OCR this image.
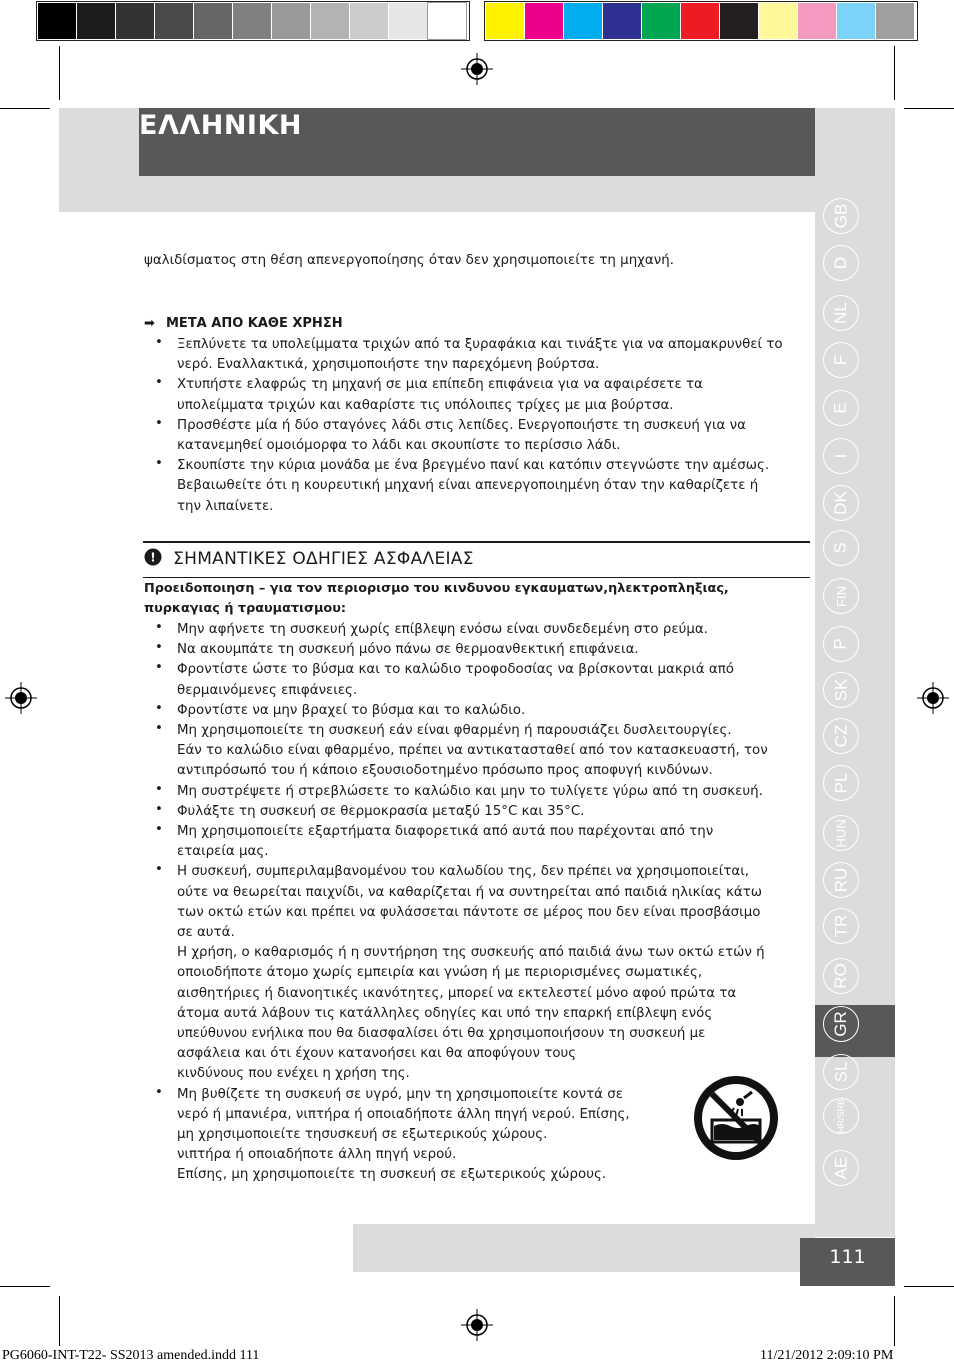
ΕΛΛΗΝΙΚΗ
111
GB
D
NL
F
E
I
DK
S
FIN
P
SK
CZ
PL
HUN
RU
TR
RO
GR
SL
HR/SRB
AE
ψαλιδίσματος στη θέση απενεργοποίησης όταν δεν χρησιμοποιείτε τη μηχανή.
➡ ΜΕΤΑ ΑΠΟ ΚΑΘΕ ΧΡΗΣΗ
• Ξεπλύνετε τα υπολείμματα τριχών από τα ξυραφάκια και τινάξτε για να απομακρυνθεί το
νερό. Εναλλακτικά, χρησιμοποιήστε την παρεχόμενη βούρτσα.
• Χτυπήστε ελαφρώς τη μηχανή σε μια επίπεδη επιφάνεια για να αφαιρέσετε τα
υπολείμματα τριχών και καθαρίστε τις υπόλοιπες τρίχες με μια βούρτσα.
• Προσθέστε μία ή δύο σταγόνες λάδι στις λεπίδες. Ενεργοποιήστε τη συσκευή για να
κατανεμηθεί ομοιόμορφα το λάδι και σκουπίστε το περίσσιο λάδι.
• Σκουπίστε την κύρια μονάδα με ένα βρεγμένο πανί και κατόπιν στεγνώστε την αμέσως.
Βεβαιωθείτε ότι η κουρευτική μηχανή είναι απενεργοποιημένη όταν την καθαρίζετε ή
την λιπαίνετε.
! ΣΗΜΑΝΤΙΚΕΣ ΟΔΗΓΙΕΣ ΑΣΦΑΛΕΙΑΣ
Προειδοποιηση – για τον περιορισμο του κινδυνου εγκαυματων,ηλεκτροπληξιας,
πυρκαγιας ή τραυματισμου:
• Μην αφήνετε τη συσκευή χωρίς επίβλεψη ενόσω είναι συνδεδεμένη στο ρεύμα.
• Να ακουμπάτε τη συσκευή μόνο πάνω σε θερμοανθεκτική επιφάνεια.
• Φροντίστε ώστε το βύσμα και το καλώδιο τροφοδοσίας να βρίσκονται μακριά από
θερμαινόμενες επιφάνειες.
• Φροντίστε να μην βραχεί το βύσμα και το καλώδιο.
• Μη χρησιμοποιείτε τη συσκευή εάν είναι φθαρμένη ή παρουσιάζει δυσλειτουργίες.
Εάν το καλώδιο είναι φθαρμένο, πρέπει να αντικατασταθεί από τον κατασκευαστή, τον
αντιπρόσωπό του ή κάποιο εξουσιοδοτημένο πρόσωπο προς αποφυγή κινδύνων.
• Μη συστρέψετε ή στρεβλώσετε το καλώδιο και μην το τυλίγετε γύρω από τη συσκευή.
• Φυλάξτε τη συσκευή σε θερμοκρασία μεταξύ 15°C και 35°C.
• Μη χρησιμοποιείτε εξαρτήματα διαφορετικά από αυτά που παρέχονται από την
εταιρεία μας.
• Η συσκευή, συμπεριλαμβανομένου του καλωδίου της, δεν πρέπει να χρησιμοποιείται,
ούτε να θεωρείται παιχνίδι, να καθαρίζεται ή να συντηρείται από παιδιά ηλικίας κάτω
των οκτώ ετών και πρέπει να φυλάσσεται πάντοτε σε μέρος που δεν είναι προσβάσιμο
σε αυτά.
Η χρήση, ο καθαρισμός ή η συντήρηση της συσκευής από παιδιά άνω των οκτώ ετών ή
οποιοδήποτε άτομο χωρίς εμπειρία και γνώση ή με περιορισμένες σωματικές,
αισθητήριες ή διανοητικές ικανότητες, μπορεί να εκτελεστεί μόνο αφού πρώτα τα
άτομα αυτά λάβουν τις κατάλληλες οδηγίες και υπό την επαρκή επίβλεψη ενός
υπεύθυνου ενήλικα που θα διασφαλίσει ότι θα χρησιμοποιήσουν τη συσκευή με
ασφάλεια και ότι έχουν κατανοήσει και θα αποφύγουν τους
κινδύνους που ενέχει η χρήση της.
• Μη βυθίζετε τη συσκευή σε υγρό, μην τη χρησιμοποιείτε κοντά σε
νερό ή μπανιέρα, νιπτήρα ή οποιαδήποτε άλλη πηγή νερού. Επίσης,
μη χρησιμοποιείτε τησυσκευή σε εξωτερικούς χώρους.
νιπτήρα ή οποιαδήποτε άλλη πηγή νερού.
Επίσης, μη χρησιμοποιείτε τη συσκευή σε εξωτερικούς χώρους.
PG6060-INT-T22- SS2013 amended.indd 111	11/21/2012 2:09:10 PM
